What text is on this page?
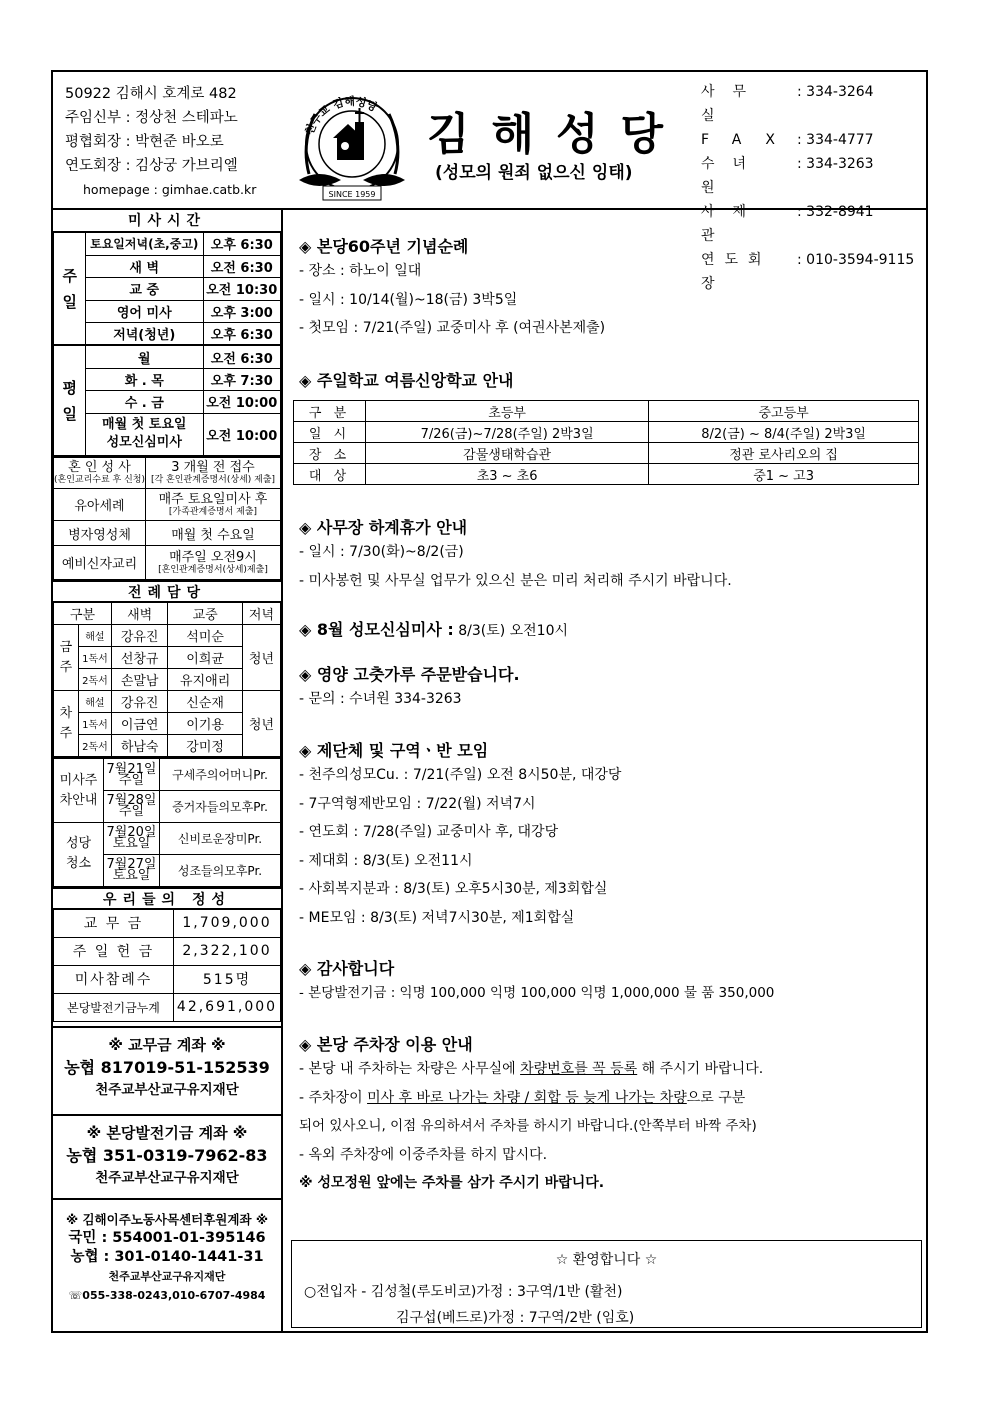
50922 김해시 호계로 482
주임신부 : 정상천 스테파노
평협회장 : 박현준 바오로
연도회장 : 김상궁 가브리엘
homepage : gimhae.catb.kr
천주교 김해성당
SINCE 1959
김해성당
(성모의 원죄 없으신 잉태)
사무실
: 334-3264
FAX
: 334-4777
수녀원
: 334-3263
사제관
: 332-8941
연도회장
: 010-3594-9115
미사시간
주일	토요일저녁(초,중고)	오후 6:30
	새 벽	오전 6:30
	교 중	오전 10:30
	영어 미사	오후 3:00
	저녁(청년)	오후 6:30
평일	월	오전 6:30
	화 . 목	오후 7:30
	수 . 금	오전 10:00
	매월 첫 토요일
성모신심미사	오전 10:00
혼 인 성 사
(혼인교리수료 후 신청)	3 개월 전 접수
[각 혼인관계증명서(상세) 제출]

유아세례	매주 토요일미사 후
[가족관계증명서 제출]

병자영성체	매월 첫 수요일
예비신자교리	매주일 오전9시
[혼인관계증명서(상세)제출]
전례담당
구분		새벽	교중	저녁
금주	해설	강유진	석미순	청년
	1독서	선창규	이희균	
	2독서	손말남	유지애리	
차주	해설	강유진	신순재	청년
	1독서	이금연	이기용	
	2독서	하남숙	강미정	
미사주차안내	7월21일 주일	구세주의어머니Pr.
	7월28일 주일	증거자들의모후Pr.
성당청소	7월20일 토요일	신비로운장미Pr.
	7월27일 토요일	성조들의모후Pr.
우리들의 정성
교 무 금	1,709,000
주 일 헌 금	2,322,100
미사참례수	515명
본당발전기금누계	42,691,000
※ 교무금 계좌 ※
농협 817019-51-152539
천주교부산교구유지재단
※ 본당발전기금 계좌 ※
농협 351-0319-7962-83
천주교부산교구유지재단
※ 김해이주노동사목센터후원계좌 ※
국민 : 554001-01-395146
농협 : 301-0140-1441-31
천주교부산교구유지재단
☏055-338-0243,010-6707-4984
◈ 본당60주년 기념순례
- 장소 : 하노이 일대
- 일시 : 10/14(월)~18(금) 3박5일
- 첫모임 : 7/21(주일) 교중미사 후 (여권사본제출)
◈ 주일학교 여름신앙학교 안내
구 분	초등부	중고등부
일 시	7/26(금)~7/28(주일) 2박3일	8/2(금) ~ 8/4(주일) 2박3일
장 소	감물생태학습관	정관 로사리오의 집
대 상	초3 ~ 초6	중1 ~ 고3
◈ 사무장 하계휴가 안내
- 일시 : 7/30(화)~8/2(금)
- 미사봉헌 및 사무실 업무가 있으신 분은 미리 처리해 주시기 바랍니다.
◈ 8월 성모신심미사 : 8/3(토) 오전10시
◈ 영양 고춧가루 주문받습니다.
- 문의 : 수녀원 334-3263
◈ 제단체 및 구역ㆍ반 모임
- 천주의성모Cu. : 7/21(주일) 오전 8시50분, 대강당
- 7구역형제반모임 : 7/22(월) 저녁7시
- 연도회 : 7/28(주일) 교중미사 후, 대강당
- 제대회 : 8/3(토) 오전11시
- 사회복지분과 : 8/3(토) 오후5시30분, 제3회합실
- ME모임 : 8/3(토) 저녁7시30분, 제1회합실
◈ 감사합니다
- 본당발전기금 : 익명 100,000 익명 100,000 익명 1,000,000 물 품 350,000
◈ 본당 주차장 이용 안내
- 본당 내 주차하는 차량은 사무실에 차량번호를 꼭 등록 해 주시기 바랍니다.
- 주차장이 미사 후 바로 나가는 차량 / 회합 등 늦게 나가는 차량으로 구분
되어 있사오니, 이점 유의하셔서 주차를 하시기 바랍니다.(안쪽부터 바짝 주차)
- 옥외 주차장에 이중주차를 하지 맙시다.
※ 성모정원 앞에는 주차를 삼가 주시기 바랍니다.
☆ 환영합니다 ☆
○전입자 - 김성철(루도비코)가정 : 3구역/1반 (활천)
김구섭(베드로)가정 : 7구역/2반 (임호)
